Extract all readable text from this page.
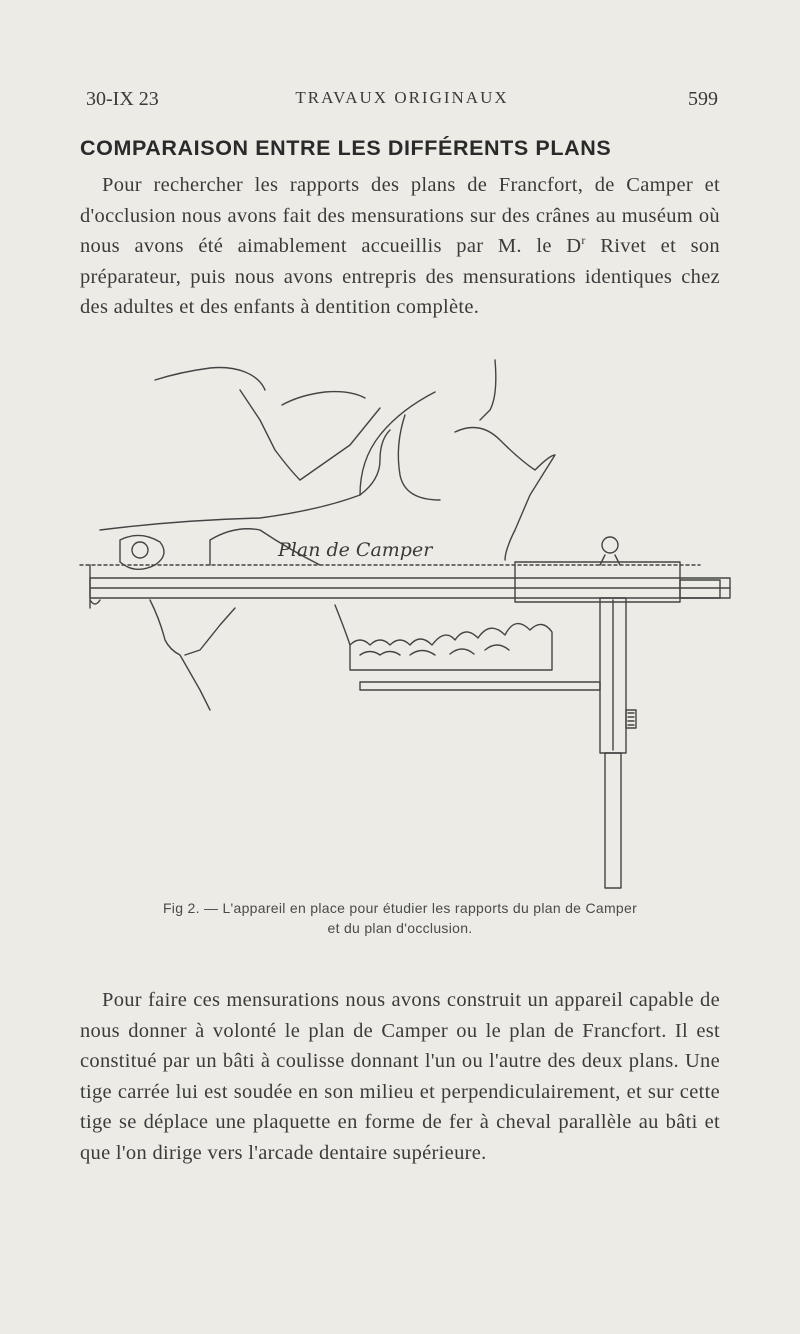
30-IX 23	TRAVAUX ORIGINAUX	599
COMPARAISON ENTRE LES DIFFÉRENTS PLANS
Pour rechercher les rapports des plans de Francfort, de Camper et d'occlusion nous avons fait des mensurations sur des crânes au muséum où nous avons été aimablement accueillis par M. le $D^r$ Rivet et son préparateur, puis nous avons entrepris des mensurations identiques chez des adultes et des enfants à dentition complète.
Plan de Camper
Fig 2. — L'appareil en place pour étudier les rapports du plan de Camper
et du plan d'occlusion.
Pour faire ces mensurations nous avons construit un appareil capable de nous donner à volonté le plan de Camper ou le plan de Francfort. Il est constitué par un bâti à coulisse donnant l'un ou l'autre des deux plans. Une tige carrée lui est soudée en son milieu et perpendiculairement, et sur cette tige se déplace une plaquette en forme de fer à cheval parallèle au bâti et que l'on dirige vers l'arcade dentaire supérieure.
